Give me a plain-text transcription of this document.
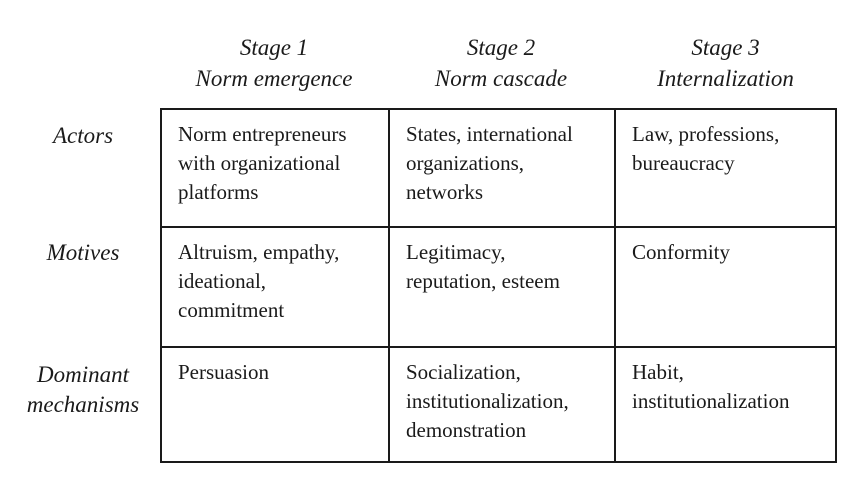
Stage 1
Norm emergence
Stage 2
Norm cascade
Stage 3
Internalization
Actors
Motives
Dominant
mechanisms
Norm entrepreneurs
with organizational
platforms
States, international
organizations,
networks
Law, professions,
bureaucracy
Altruism, empathy,
ideational,
commitment
Legitimacy,
reputation, esteem
Conformity
Persuasion	Socialization,
institutionalization,
demonstration
Habit,
institutionalization
